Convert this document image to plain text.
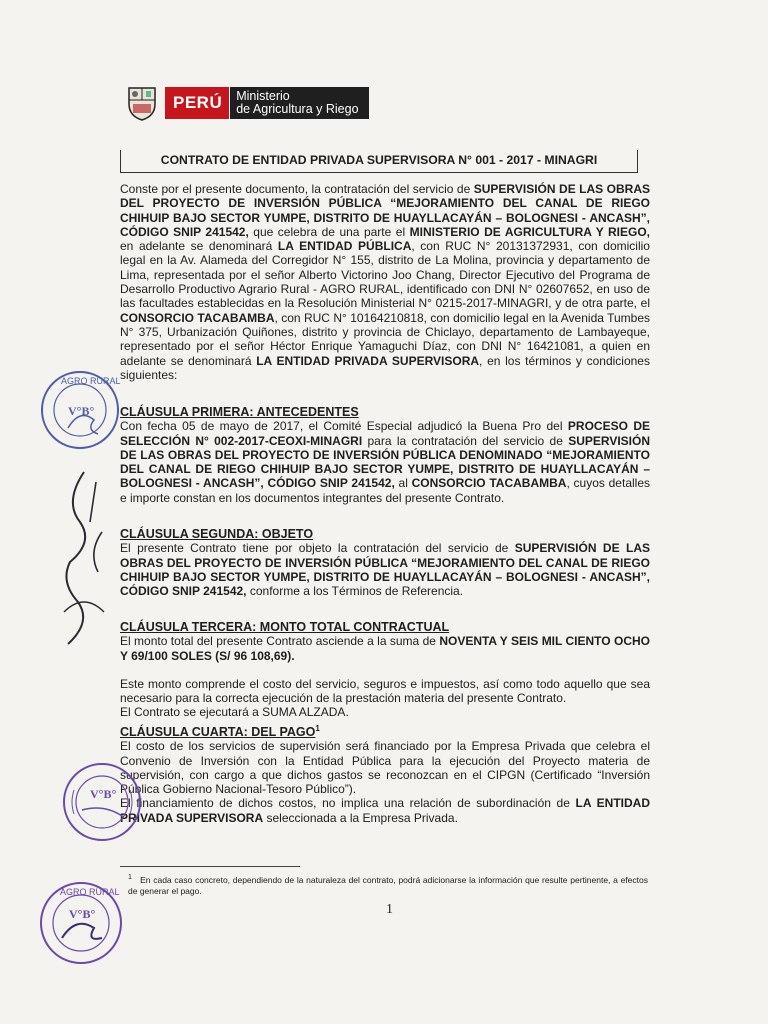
PERÚ	Ministerio
de Agricultura y Riego
CONTRATO DE ENTIDAD PRIVADA SUPERVISORA N° 001 - 2017 - MINAGRI
Conste por el presente documento, la contratación del servicio de SUPERVISIÓN DE LAS OBRAS DEL PROYECTO DE INVERSIÓN PÚBLICA “MEJORAMIENTO DEL CANAL DE RIEGO CHIHUIP BAJO SECTOR YUMPE, DISTRITO DE HUAYLLACAYÁN – BOLOGNESI - ANCASH”, CÓDIGO SNIP 241542, que celebra de una parte el MINISTERIO DE AGRICULTURA Y RIEGO, en adelante se denominará LA ENTIDAD PÚBLICA, con RUC N° 20131372931, con domicilio legal en la Av. Alameda del Corregidor N° 155, distrito de La Molina, provincia y departamento de Lima, representada por el señor Alberto Victorino Joo Chang, Director Ejecutivo del Programa de Desarrollo Productivo Agrario Rural - AGRO RURAL, identificado con DNI N° 02607652, en uso de las facultades establecidas en la Resolución Ministerial N° 0215-2017-MINAGRI, y de otra parte, el CONSORCIO TACABAMBA, con RUC N° 10164210818, con domicilio legal en la Avenida Tumbes N° 375, Urbanización Quiñones, distrito y provincia de Chiclayo, departamento de Lambayeque, representado por el señor Héctor Enrique Yamaguchi Díaz, con DNI N° 16421081, a quien en adelante se denominará LA ENTIDAD PRIVADA SUPERVISORA, en los términos y condiciones siguientes:
CLÁUSULA PRIMERA: ANTECEDENTES
Con fecha 05 de mayo de 2017, el Comité Especial adjudicó la Buena Pro del PROCESO DE SELECCIÓN N° 002-2017-CEOXI-MINAGRI para la contratación del servicio de SUPERVISIÓN DE LAS OBRAS DEL PROYECTO DE INVERSIÓN PÚBLICA DENOMINADO “MEJORAMIENTO DEL CANAL DE RIEGO CHIHUIP BAJO SECTOR YUMPE, DISTRITO DE HUAYLLACAYÁN – BOLOGNESI - ANCASH”, CÓDIGO SNIP 241542, al CONSORCIO TACABAMBA, cuyos detalles e importe constan en los documentos integrantes del presente Contrato.
CLÁUSULA SEGUNDA: OBJETO
El presente Contrato tiene por objeto la contratación del servicio de SUPERVISIÓN DE LAS OBRAS DEL PROYECTO DE INVERSIÓN PÚBLICA “MEJORAMIENTO DEL CANAL DE RIEGO CHIHUIP BAJO SECTOR YUMPE, DISTRITO DE HUAYLLACAYÁN – BOLOGNESI - ANCASH”, CÓDIGO SNIP 241542, conforme a los Términos de Referencia.
CLÁUSULA TERCERA: MONTO TOTAL CONTRACTUAL
El monto total del presente Contrato asciende a la suma de NOVENTA Y SEIS MIL CIENTO OCHO Y 69/100 SOLES (S/ 96 108,69).
Este monto comprende el costo del servicio, seguros e impuestos, así como todo aquello que sea necesario para la correcta ejecución de la prestación materia del presente Contrato.
El Contrato se ejecutará a SUMA ALZADA.
CLÁUSULA CUARTA: DEL PAGO$^1$
El costo de los servicios de supervisión será financiado por la Empresa Privada que celebra el Convenio de Inversión con la Entidad Pública para la ejecución del Proyecto materia de supervisión, con cargo a que dichos gastos se reconozcan en el CIPGN (Certificado “Inversión Pública Gobierno Nacional-Tesoro Público”).
El financiamiento de dichos costos, no implica una relación de subordinación de LA ENTIDAD PRIVADA SUPERVISORA seleccionada a la Empresa Privada.
$^1$ En cada caso concreto, dependiendo de la naturaleza del contrato, podrá adicionarse la información que resulte pertinente, a efectos de generar el pago.
1
AGRO RURAL
V°B°
V°B°
AGRO RURAL
V°B°
